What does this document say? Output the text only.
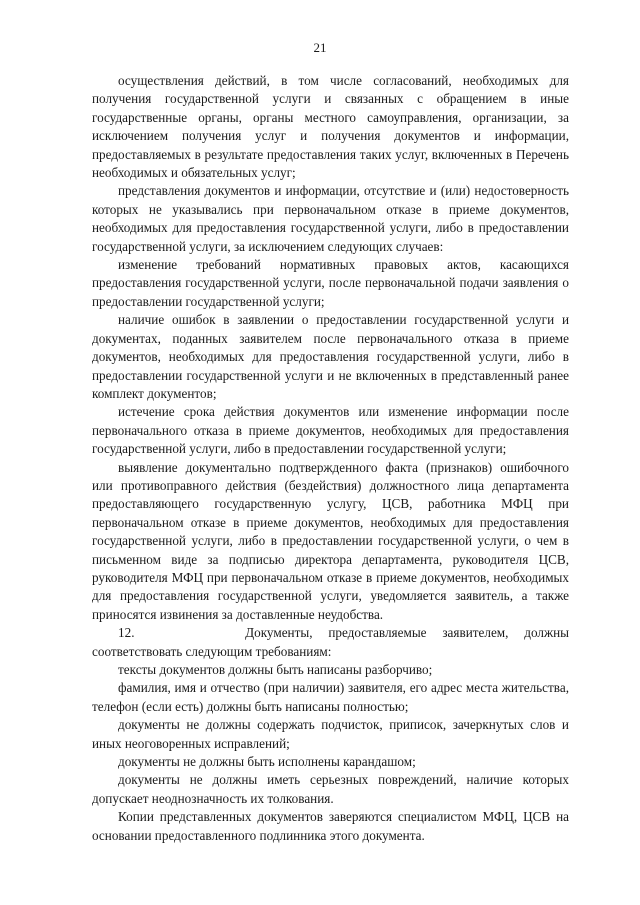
21

осуществления действий, в том числе согласований, необходимых для получения государственной услуги и связанных с обращением в иные государственные органы, органы местного самоуправления, организации, за исключением получения услуг и получения документов и информации, предоставляемых в результате предоставления таких услуг, включенных в Перечень необходимых и обязательных услуг;

представления документов и информации, отсутствие и (или) недостоверность которых не указывались при первоначальном отказе в приеме документов, необходимых для предоставления государственной услуги, либо в предоставлении государственной услуги, за исключением следующих случаев:

изменение требований нормативных правовых актов, касающихся предоставления государственной услуги, после первоначальной подачи заявления о предоставлении государственной услуги;

наличие ошибок в заявлении о предоставлении государственной услуги и документах, поданных заявителем после первоначального отказа в приеме документов, необходимых для предоставления государственной услуги, либо в предоставлении государственной услуги и не включенных в представленный ранее комплект документов;

истечение срока действия документов или изменение информации после первоначального отказа в приеме документов, необходимых для предоставления государственной услуги, либо в предоставлении государственной услуги;

выявление документально подтвержденного факта (признаков) ошибочного или противоправного действия (бездействия) должностного лица департамента предоставляющего государственную услугу, ЦСВ, работника МФЦ при первоначальном отказе в приеме документов, необходимых для предоставления государственной услуги, либо в предоставлении государственной услуги, о чем в письменном виде за подписью директора департамента, руководителя ЦСВ, руководителя МФЦ при первоначальном отказе в приеме документов, необходимых для предоставления государственной услуги, уведомляется заявитель, а также приносятся извинения за доставленные неудобства.

12.	Документы, предоставляемые заявителем, должны

соответствовать следующим требованиям:

тексты документов должны быть написаны разборчиво;

фамилия, имя и отчество (при наличии) заявителя, его адрес места жительства, телефон (если есть) должны быть написаны полностью;

документы не должны содержать подчисток, приписок, зачеркнутых слов и иных неоговоренных исправлений;

документы не должны быть исполнены карандашом;

документы не должны иметь серьезных повреждений, наличие которых допускает неоднозначность их толкования.

Копии представленных документов заверяются специалистом МФЦ, ЦСВ на основании предоставленного подлинника этого документа.
